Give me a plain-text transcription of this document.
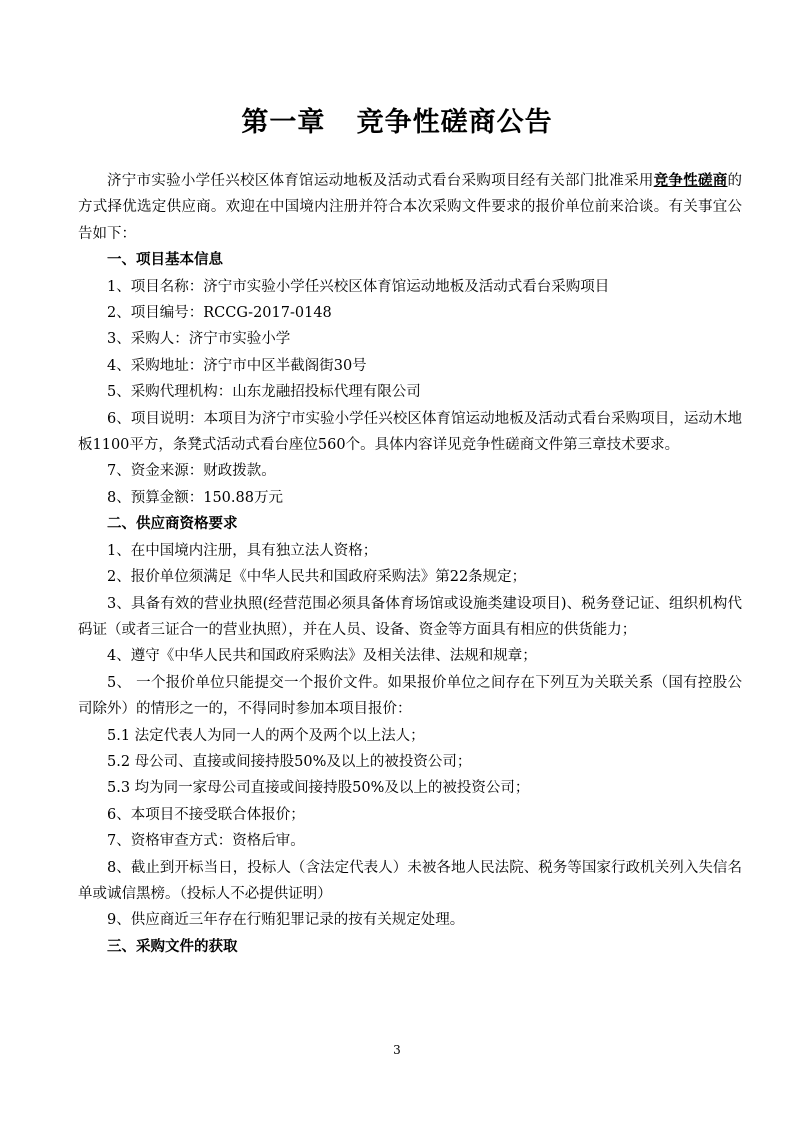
第一章   竞争性磋商公告

济宁市实验小学任兴校区体育馆运动地板及活动式看台采购项目经有关部门批准采用竞争性磋商的方式择优选定供应商。欢迎在中国境内注册并符合本次采购文件要求的报价单位前来洽谈。有关事宜公告如下：

一、项目基本信息

1、项目名称：济宁市实验小学任兴校区体育馆运动地板及活动式看台采购项目

2、项目编号：RCCG-2017-0148

3、采购人：济宁市实验小学

4、采购地址：济宁市中区半截阁街30号

5、采购代理机构：山东龙融招投标代理有限公司

6、项目说明：本项目为济宁市实验小学任兴校区体育馆运动地板及活动式看台采购项目，运动木地板1100平方，条凳式活动式看台座位560个。具体内容详见竞争性磋商文件第三章技术要求。

7、资金来源：财政拨款。

8、预算金额：150.88万元

二、供应商资格要求

1、在中国境内注册，具有独立法人资格；

2、报价单位须满足《中华人民共和国政府采购法》第22条规定；

3、具备有效的营业执照(经营范围必须具备体育场馆或设施类建设项目)、税务登记证、组织机构代码证（或者三证合一的营业执照），并在人员、设备、资金等方面具有相应的供货能力；

4、遵守《中华人民共和国政府采购法》及相关法律、法规和规章；

5、 一个报价单位只能提交一个报价文件。如果报价单位之间存在下列互为关联关系（国有控股公司除外）的情形之一的，不得同时参加本项目报价：

5.1 法定代表人为同一人的两个及两个以上法人；

5.2 母公司、直接或间接持股50%及以上的被投资公司；

5.3 均为同一家母公司直接或间接持股50%及以上的被投资公司；

6、本项目不接受联合体报价；

7、资格审查方式：资格后审。

8、截止到开标当日，投标人（含法定代表人）未被各地人民法院、税务等国家行政机关列入失信名单或诚信黑榜。（投标人不必提供证明）

9、供应商近三年存在行贿犯罪记录的按有关规定处理。

三、采购文件的获取

3
